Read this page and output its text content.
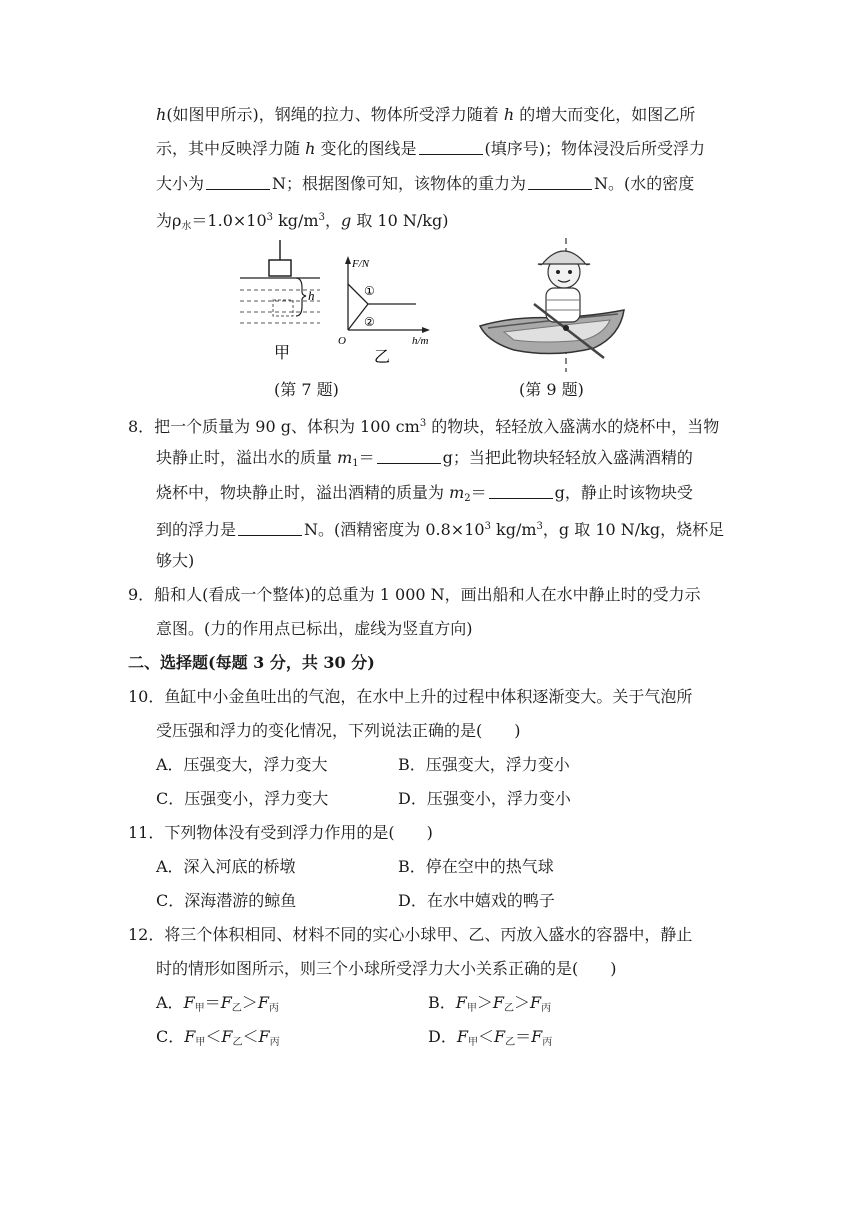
h(如图甲所示)，钢绳的拉力、物体所受浮力随着 h 的增大而变化，如图乙所
示，其中反映浮力随 h 变化的图线是	(填序号)；物体浸没后所受浮力
大小为	N；根据图像可知，该物体的重力为	N。(水的密度
为$\rho_水=1.0\times 10^3$ $kg/m^3$，g 取 10 N/kg)
h
甲
F/N
h/m
O
①
②
乙
(第 7 题)	(第 9 题)
8．把一个质量为 90 g、体积为 100 $cm^3$ 的物块，轻轻放入盛满水的烧杯中，当物
块静止时，溢出水的质量 $m_1=$	g；当把此物块轻轻放入盛满酒精的
烧杯中，物块静止时，溢出酒精的质量为 $m_2=$	g，静止时该物块受
到的浮力是	N。(酒精密度为 $0.8\times 10^3$ $kg/m^3$，g 取 10 N/kg，烧杯足
够大)
9．船和人(看成一个整体)的总重为 1 000 N，画出船和人在水中静止时的受力示
意图。(力的作用点已标出，虚线为竖直方向)
二、选择题(每题 3 分，共 30 分)
10．鱼缸中小金鱼吐出的气泡，在水中上升的过程中体积逐渐变大。关于气泡所
受压强和浮力的变化情况，下列说法正确的是(　　)
A．压强变大，浮力变大	B．压强变大，浮力变小
C．压强变小，浮力变大	D．压强变小，浮力变小
11．下列物体没有受到浮力作用的是(　　)
A．深入河底的桥墩	B．停在空中的热气球
C．深海潜游的鲸鱼	D．在水中嬉戏的鸭子
12．将三个体积相同、材料不同的实心小球甲、乙、丙放入盛水的容器中，静止
时的情形如图所示，则三个小球所受浮力大小关系正确的是(　　)
A．$F_甲=F_乙>F_丙$	B．$F_甲>F_乙>F_丙$
C．$F_甲<F_乙<F_丙$	D．$F_甲<F_乙=F_丙$
